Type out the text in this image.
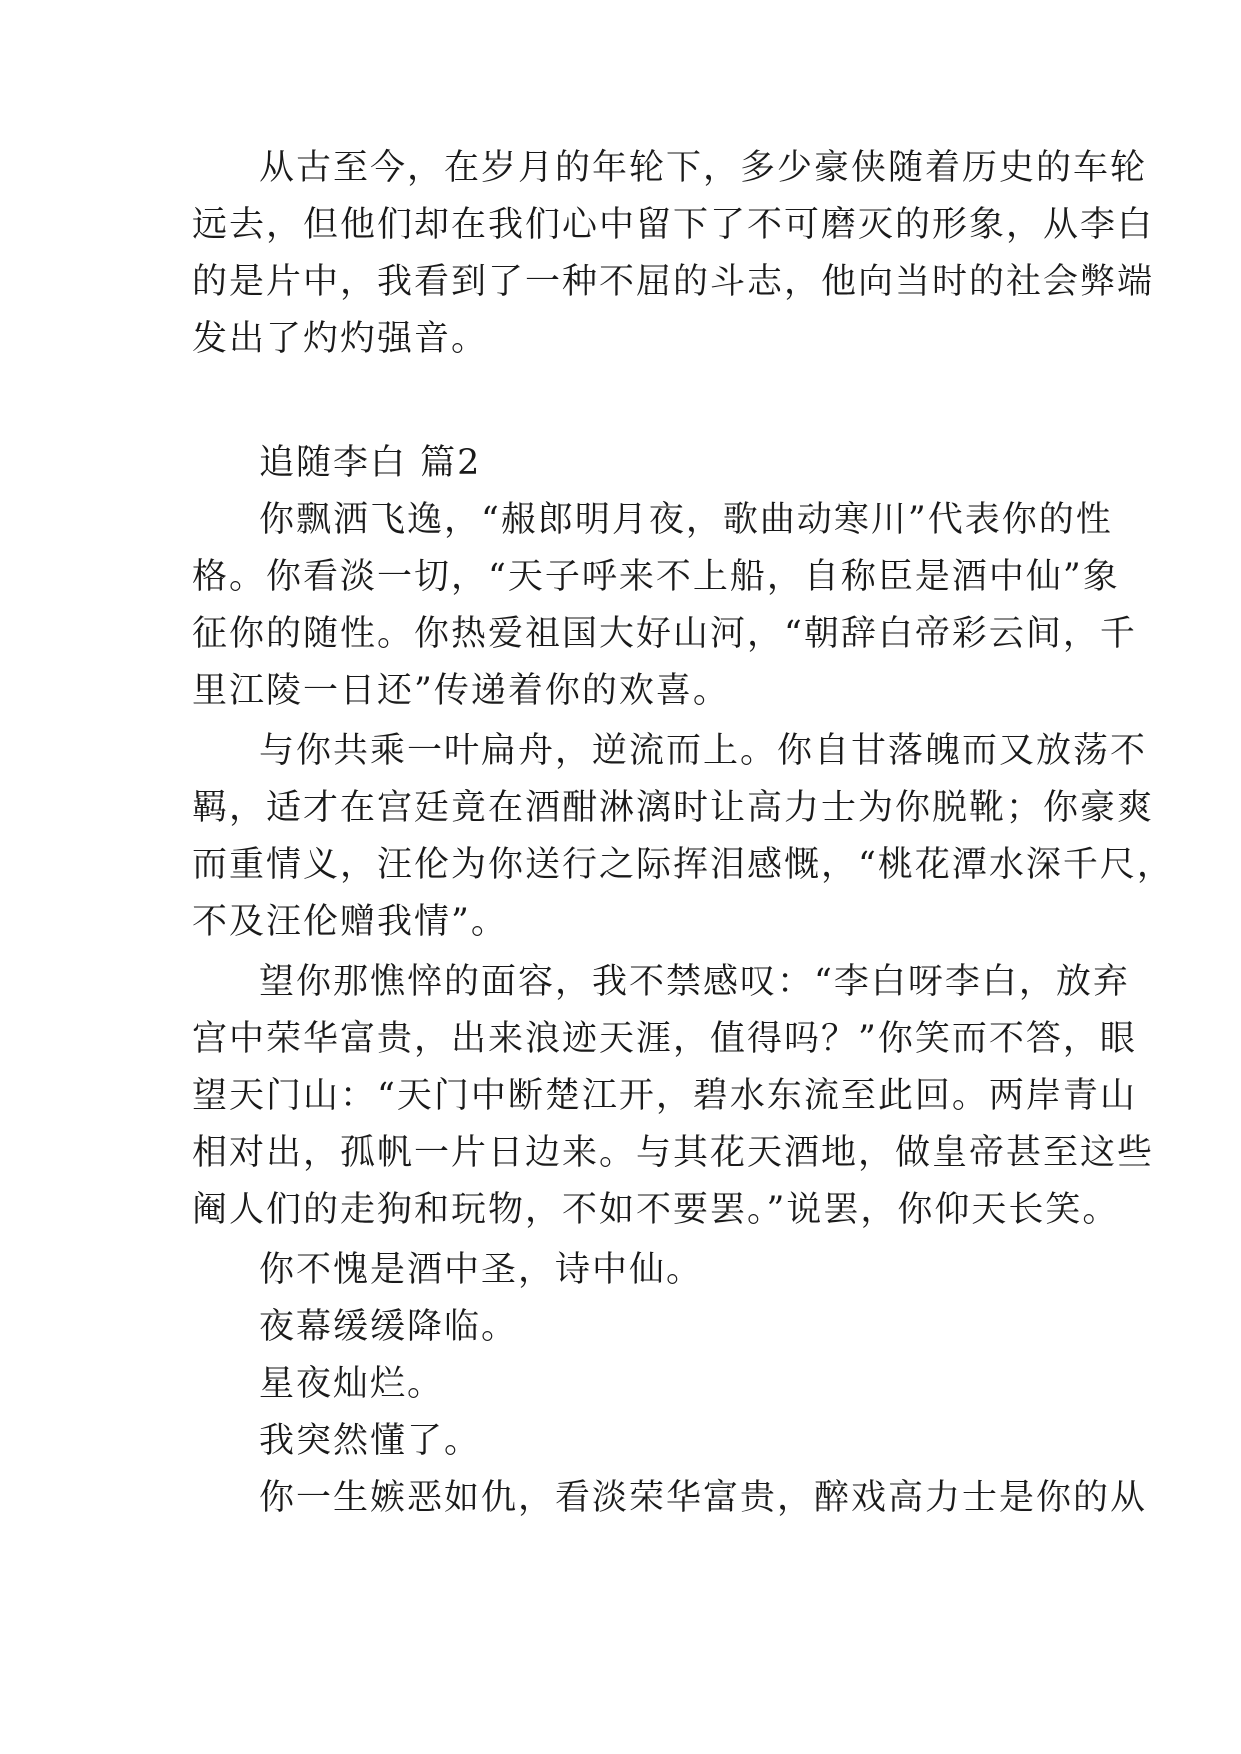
从古至今，在岁月的年轮下，多少豪侠随着历史的车轮
远去，但他们却在我们心中留下了不可磨灭的形象，从李白
的是片中，我看到了一种不屈的斗志，他向当时的社会弊端
发出了灼灼强音。
追随李白 篇2
你飘洒飞逸，“赧郎明月夜，歌曲动寒川”代表你的性
格。你看淡一切，“天子呼来不上船，自称臣是酒中仙”象
征你的随性。你热爱祖国大好山河，“朝辞白帝彩云间，千
里江陵一日还”传递着你的欢喜。
与你共乘一叶扁舟，逆流而上。你自甘落魄而又放荡不
羁，适才在宫廷竟在酒酣淋漓时让高力士为你脱靴；你豪爽
而重情义，汪伦为你送行之际挥泪感慨，“桃花潭水深千尺，
不及汪伦赠我情”。
望你那憔悴的面容，我不禁感叹：“李白呀李白，放弃
宫中荣华富贵，出来浪迹天涯，值得吗？”你笑而不答，眼
望天门山：“天门中断楚江开，碧水东流至此回。两岸青山
相对出，孤帆一片日边来。与其花天酒地，做皇帝甚至这些
阉人们的走狗和玩物，不如不要罢。”说罢，你仰天长笑。
你不愧是酒中圣，诗中仙。
夜幕缓缓降临。
星夜灿烂。
我突然懂了。
你一生嫉恶如仇，看淡荣华富贵，醉戏高力士是你的从
